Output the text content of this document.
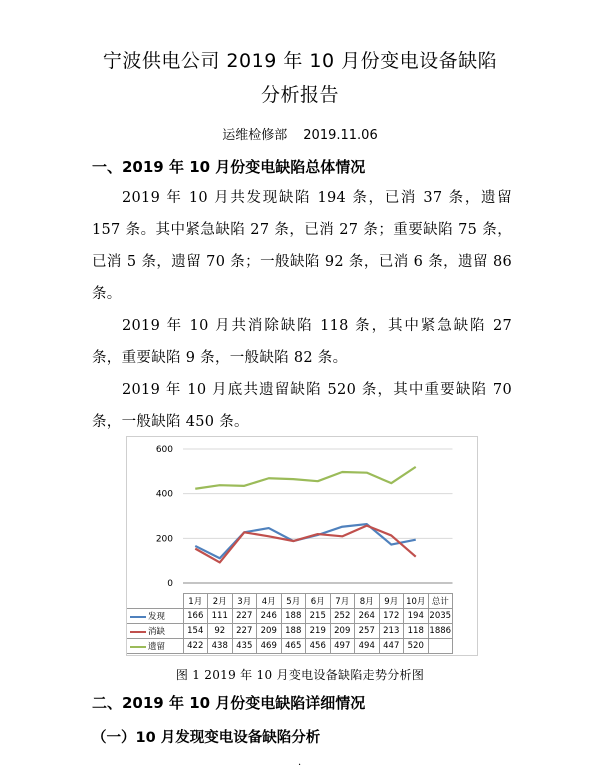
宁波供电公司 2019 年 10 月份变电设备缺陷
分析报告
运维检修部 2019.11.06
一、2019 年 10 月份变电缺陷总体情况
2019 年 10 月共发现缺陷 194 条，已消 37 条，遗留 157 条。其中紧急缺陷 27 条，已消 27 条；重要缺陷 75 条，已消 5 条，遗留 70 条；一般缺陷 92 条，已消 6 条，遗留 86 条。
2019 年 10 月共消除缺陷 118 条，其中紧急缺陷 27 条，重要缺陷 9 条，一般缺陷 82 条。
2019 年 10 月底共遗留缺陷 520 条，其中重要缺陷 70 条，一般缺陷 450 条。
0
200
400
600
	1月	2月	3月	4月	5月	6月	7月	8月	9月	10月	总计
发现	166	111	227	246	188	215	252	264	172	194	2035
消缺	154	92	227	209	188	219	209	257	213	118	1886
遗留	422	438	435	469	465	456	497	494	447	520	
图 1 2019 年 10 月变电设备缺陷走势分析图
二、2019 年 10 月份变电缺陷详细情况
（一）10 月发现变电设备缺陷分析
·
